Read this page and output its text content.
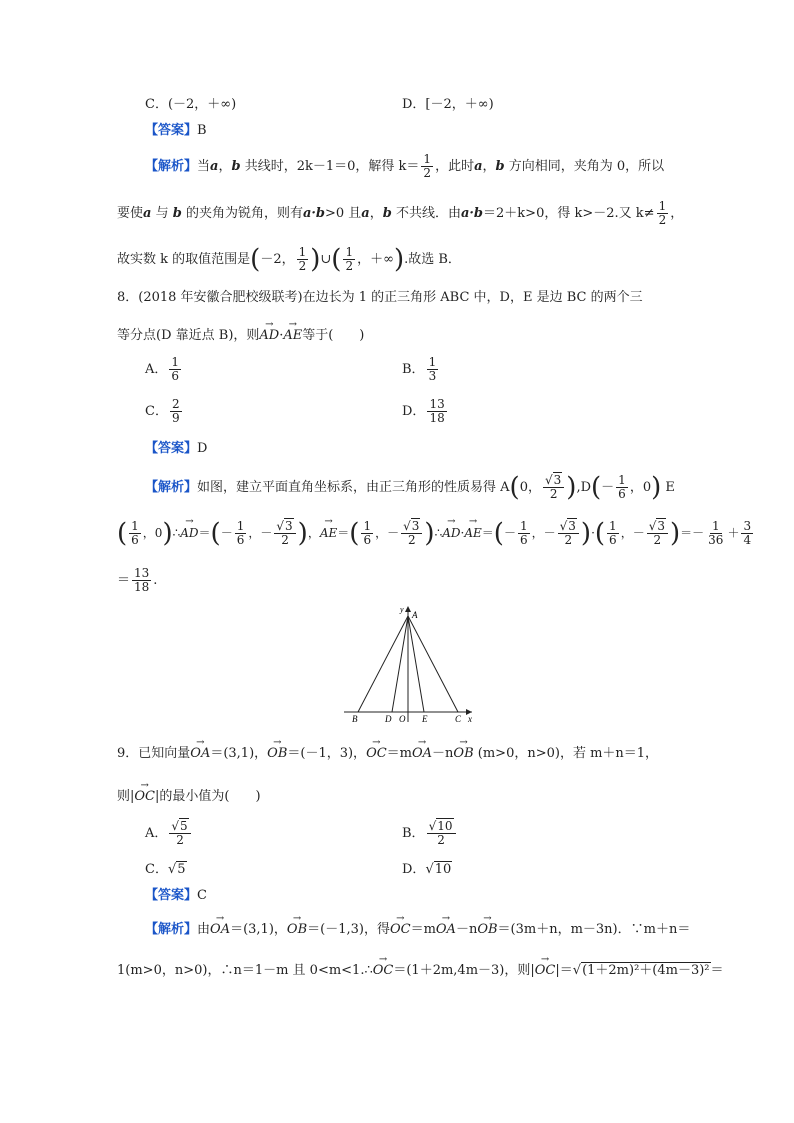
C．(－2，＋∞)	D．[－2，＋∞)
【答案】B
【解析】当a，b 共线时，2k－1＝0，解得 $k= \frac{1}{2}$ ，此时a，b 方向相同，夹角为 0，所以
要使a 与 b 的夹角为锐角，则有a·b>0 且a，b 不共线．由a·b＝2＋k>0，得 k>－2.又 $k\ne \frac{1}{2}$ ，
故实数 k 的取值范围是(－2， $\frac{1}{2}$ )∪( $\frac{1}{2}$ ，＋∞).故选 B．
8．(2018 年安徽合肥校级联考)在边长为 1 的正三角形 ABC 中，D，E 是边 BC 的两个三
等分点(D 靠近点 B)，则→ AD·→ AE等于(　　)
A． $\frac{1}{6}$	B． $\frac{1}{3}$
C． $\frac{2}{9}$	D． $\frac{13}{18}$
【答案】D
【解析】如图，建立平面直角坐标系，由正三角形的性质易得 A(0， $\frac{√3}{2} ),D(- \frac{1}{6}$ ，0) E
( $\frac{1}{6}$ ，0)∴→ $AD=(- \frac{1}{6}$ ，－ $\frac{√3}{2}$ )，→ $AE=( \frac{1}{6}$ ，－ $\frac{√3}{2}$ )∴→ $AD\cdot\to AE=(- \frac{1}{6}$ ，－ $\frac{√3}{2}$ )·( $\frac{1}{6}$ ，－ $\frac{√3}{2}$ )＝－ $\frac{1}{36} + \frac{3}{4}$
＝ $\frac{13}{18}$ .
y
A
B	D O E	C x
9．已知向量→ OA＝(3,1)，→ OB＝(－1，3)，→ OC＝m→ OA－n→ OB (m>0，n>0)，若 m＋n＝1，
则|→ OC|的最小值为(　　)
A． $\frac{√5}{2}$	B． $\frac{√10}{2}$
C．√5	D．√10
【答案】C
【解析】由→ OA＝(3,1)，→ OB＝(－1,3)，得→ OC＝m→ OA－n→ OB＝(3m＋n，m－3n)．∵m＋n＝
1(m>0，n>0)，∴n＝1－m 且 0<m<1.∴→ OC＝(1＋2m,4m－3)，则|→ OC|＝√(1＋2m)²＋(4m－3)²＝
